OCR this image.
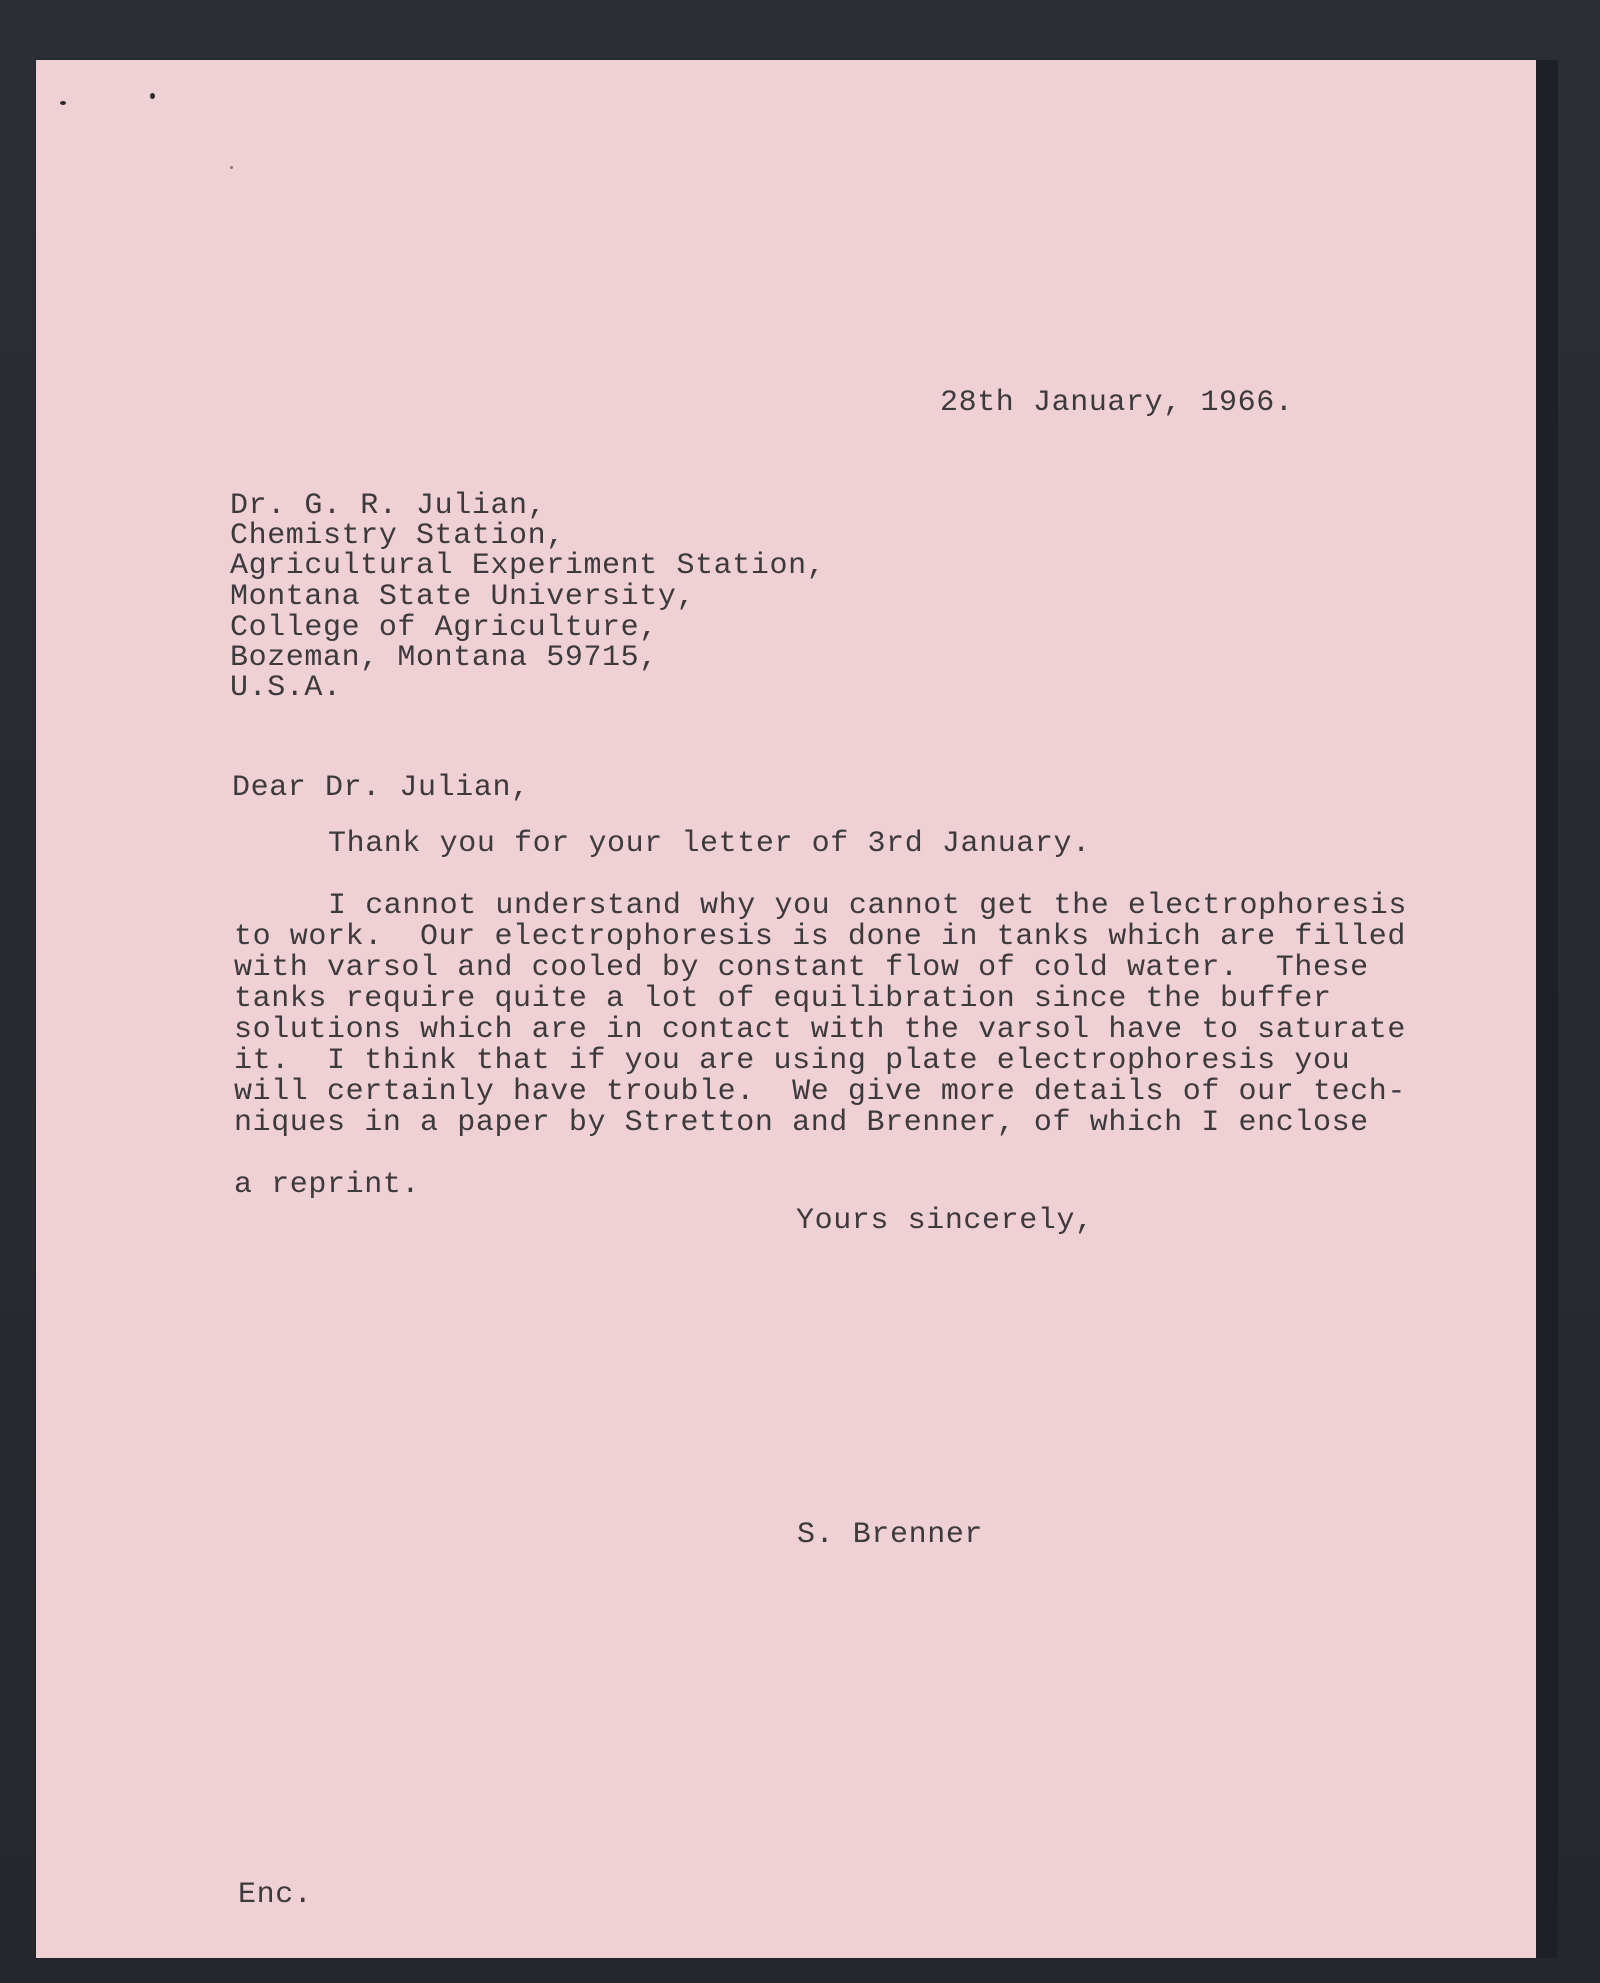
28th January, 1966.
Dr. G. R. Julian,
Chemistry Station,
Agricultural Experiment Station,
Montana State University,
College of Agriculture,
Bozeman, Montana 59715,
U.S.A.
Dear Dr. Julian,
Thank you for your letter of 3rd January.
I cannot understand why you cannot get the electrophoresis
to work.  Our electrophoresis is done in tanks which are filled
with varsol and cooled by constant flow of cold water.  These
tanks require quite a lot of equilibration since the buffer
solutions which are in contact with the varsol have to saturate
it.  I think that if you are using plate electrophoresis you
will certainly have trouble.  We give more details of our tech-
niques in a paper by Stretton and Brenner, of which I enclose
a reprint.
Yours sincerely,
S. Brenner
Enc.
